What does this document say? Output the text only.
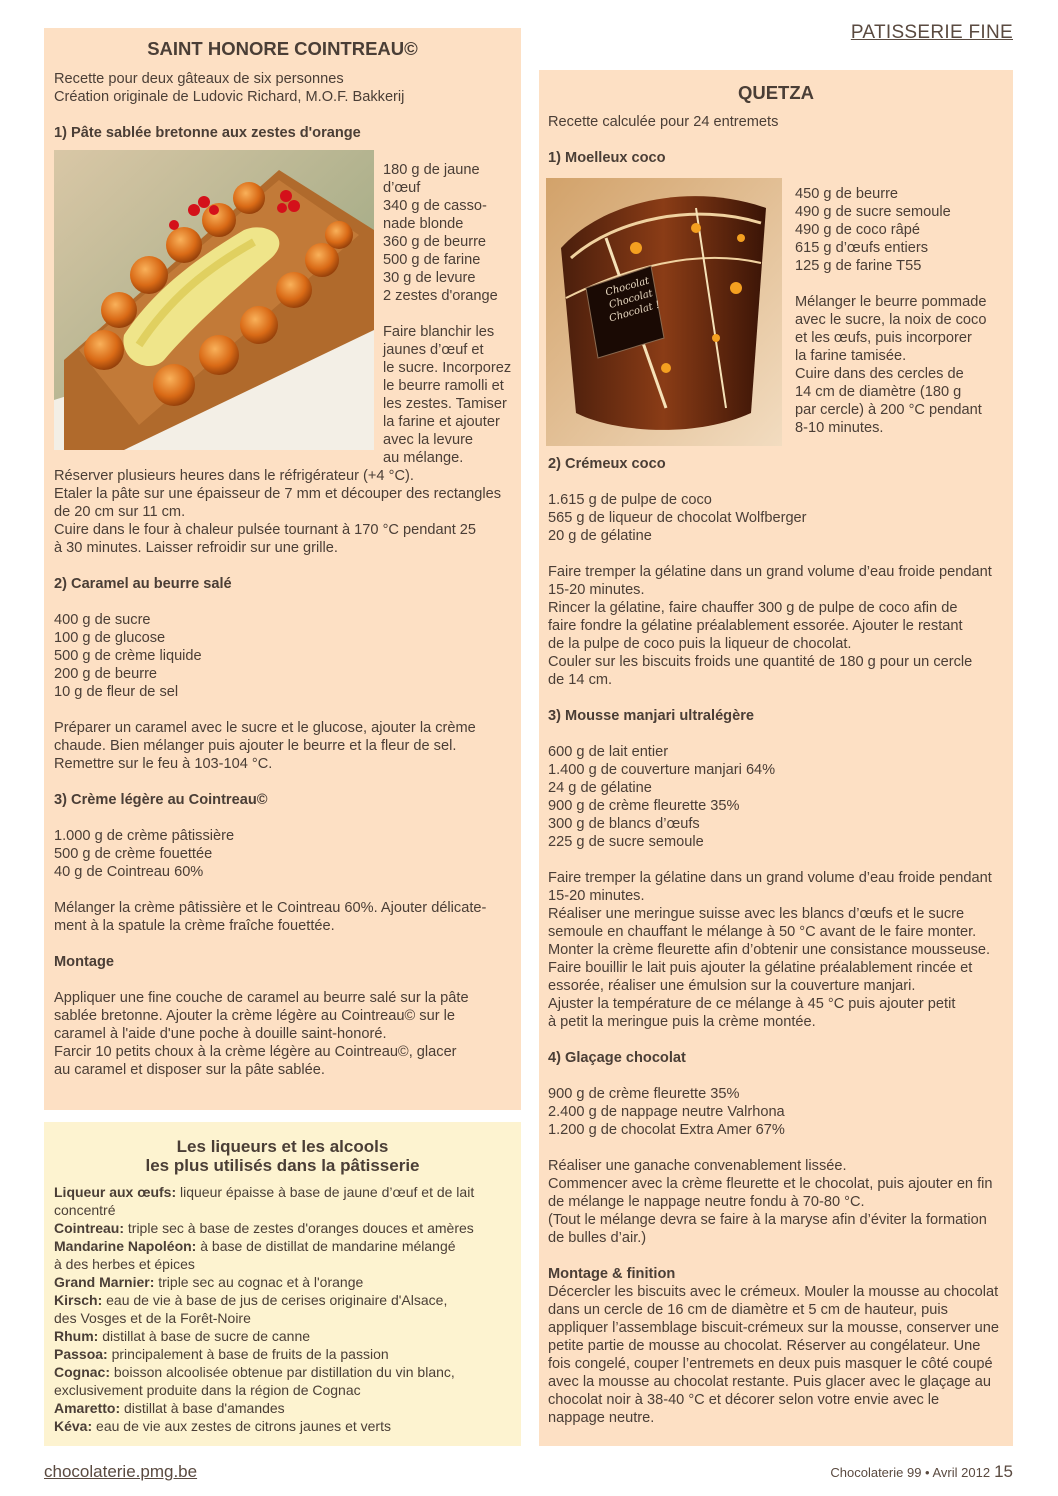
PATISSERIE FINE
SAINT HONORE COINTREAU©

Recette pour deux gâteaux de six personnes
Création originale de Ludovic Richard, M.O.F. Bakkerij

1) Pâte sablée bretonne aux zestes d'orange

180 g de jaune
d’œuf
340 g de casso-
nade blonde
360 g de beurre
500 g de farine
30 g de levure
2 zestes d'orange

Faire blanchir les
jaunes d’œuf et
le sucre. Incorporez
le beurre ramolli et
les zestes. Tamiser
la farine et ajouter
avec la levure
au mélange.

Réserver plusieurs heures dans le réfrigérateur (+4 °C).
Etaler la pâte sur une épaisseur de 7 mm et découper des rectangles
de 20 cm sur 11 cm.
Cuire dans le four à chaleur pulsée tournant à 170 °C pendant 25
à 30 minutes. Laisser refroidir sur une grille.

2) Caramel au beurre salé

400 g de sucre
100 g de glucose
500 g de crème liquide
200 g de beurre
10 g de fleur de sel

Préparer un caramel avec le sucre et le glucose, ajouter la crème
chaude. Bien mélanger puis ajouter le beurre et la fleur de sel.
Remettre sur le feu à 103-104 °C.

3) Crème légère au Cointreau©

1.000 g de crème pâtissière
500 g de crème fouettée
40 g de Cointreau 60%

Mélanger la crème pâtissière et le Cointreau 60%. Ajouter délicate-
ment à la spatule la crème fraîche fouettée.

Montage

Appliquer une fine couche de caramel au beurre salé sur la pâte
sablée bretonne. Ajouter la crème légère au Cointreau© sur le
caramel à l'aide d'une poche à douille saint-honoré.
Farcir 10 petits choux à la crème légère au Cointreau©, glacer
au caramel et disposer sur la pâte sablée.

Les liqueurs et les alcools
les plus utilisés dans la pâtisserie

Liqueur aux œufs: liqueur épaisse à base de jaune d’œuf et de lait
concentré

Cointreau: triple sec à base de zestes d'oranges douces et amères

Mandarine Napoléon: à base de distillat de mandarine mélangé
à des herbes et épices

Grand Marnier: triple sec au cognac et à l'orange

Kirsch: eau de vie à base de jus de cerises originaire d'Alsace,
des Vosges et de la Forêt-Noire

Rhum: distillat à base de sucre de canne

Passoa: principalement à base de fruits de la passion

Cognac: boisson alcoolisée obtenue par distillation du vin blanc,
exclusivement produite dans la région de Cognac

Amaretto: distillat à base d'amandes

Kéva: eau de vie aux zestes de citrons jaunes et verts

QUETZA

Recette calculée pour 24 entremets

1) Moelleux coco

Chocolat
Chocolat
Chocolat !

450 g de beurre
490 g de sucre semoule
490 g de coco râpé
615 g d’œufs entiers
125 g de farine T55

Mélanger le beurre pommade
avec le sucre, la noix de coco
et les œufs, puis incorporer
la farine tamisée.
Cuire dans des cercles de
14 cm de diamètre (180 g
par cercle) à 200 °C pendant
8-10 minutes.

2) Crémeux coco

1.615 g de pulpe de coco
565 g de liqueur de chocolat Wolfberger
20 g de gélatine

Faire tremper la gélatine dans un grand volume d’eau froide pendant
15-20 minutes.
Rincer la gélatine, faire chauffer 300 g de pulpe de coco afin de
faire fondre la gélatine préalablement essorée. Ajouter le restant
de la pulpe de coco puis la liqueur de chocolat.
Couler sur les biscuits froids une quantité de 180 g pour un cercle
de 14 cm.

3) Mousse manjari ultralégère

600 g de lait entier
1.400 g de couverture manjari 64%
24 g de gélatine
900 g de crème fleurette 35%
300 g de blancs d’œufs
225 g de sucre semoule

Faire tremper la gélatine dans un grand volume d’eau froide pendant
15-20 minutes.
Réaliser une meringue suisse avec les blancs d’œufs et le sucre
semoule en chauffant le mélange à 50 °C avant de le faire monter.
Monter la crème fleurette afin d’obtenir une consistance mousseuse.
Faire bouillir le lait puis ajouter la gélatine préalablement rincée et
essorée, réaliser une émulsion sur la couverture manjari.
Ajuster la température de ce mélange à 45 °C puis ajouter petit
à petit la meringue puis la crème montée.

4) Glaçage chocolat

900 g de crème fleurette 35%
2.400 g de nappage neutre Valrhona
1.200 g de chocolat Extra Amer 67%

Réaliser une ganache convenablement lissée.
Commencer avec la crème fleurette et le chocolat, puis ajouter en fin
de mélange le nappage neutre fondu à 70-80 °C.
(Tout le mélange devra se faire à la maryse afin d’éviter la formation
de bulles d’air.)

Montage & finition

Décercler les biscuits avec le crémeux. Mouler la mousse au chocolat
dans un cercle de 16 cm de diamètre et 5 cm de hauteur, puis
appliquer l’assemblage biscuit-crémeux sur la mousse, conserver une
petite partie de mousse au chocolat. Réserver au congélateur. Une
fois congelé, couper l’entremets en deux puis masquer le côté coupé
avec la mousse au chocolat restante. Puis glacer avec le glaçage au
chocolat noir à 38-40 °C et décorer selon votre envie avec le
nappage neutre.

chocolaterie.pmg.be	Chocolaterie 99 • Avril 2012 15
